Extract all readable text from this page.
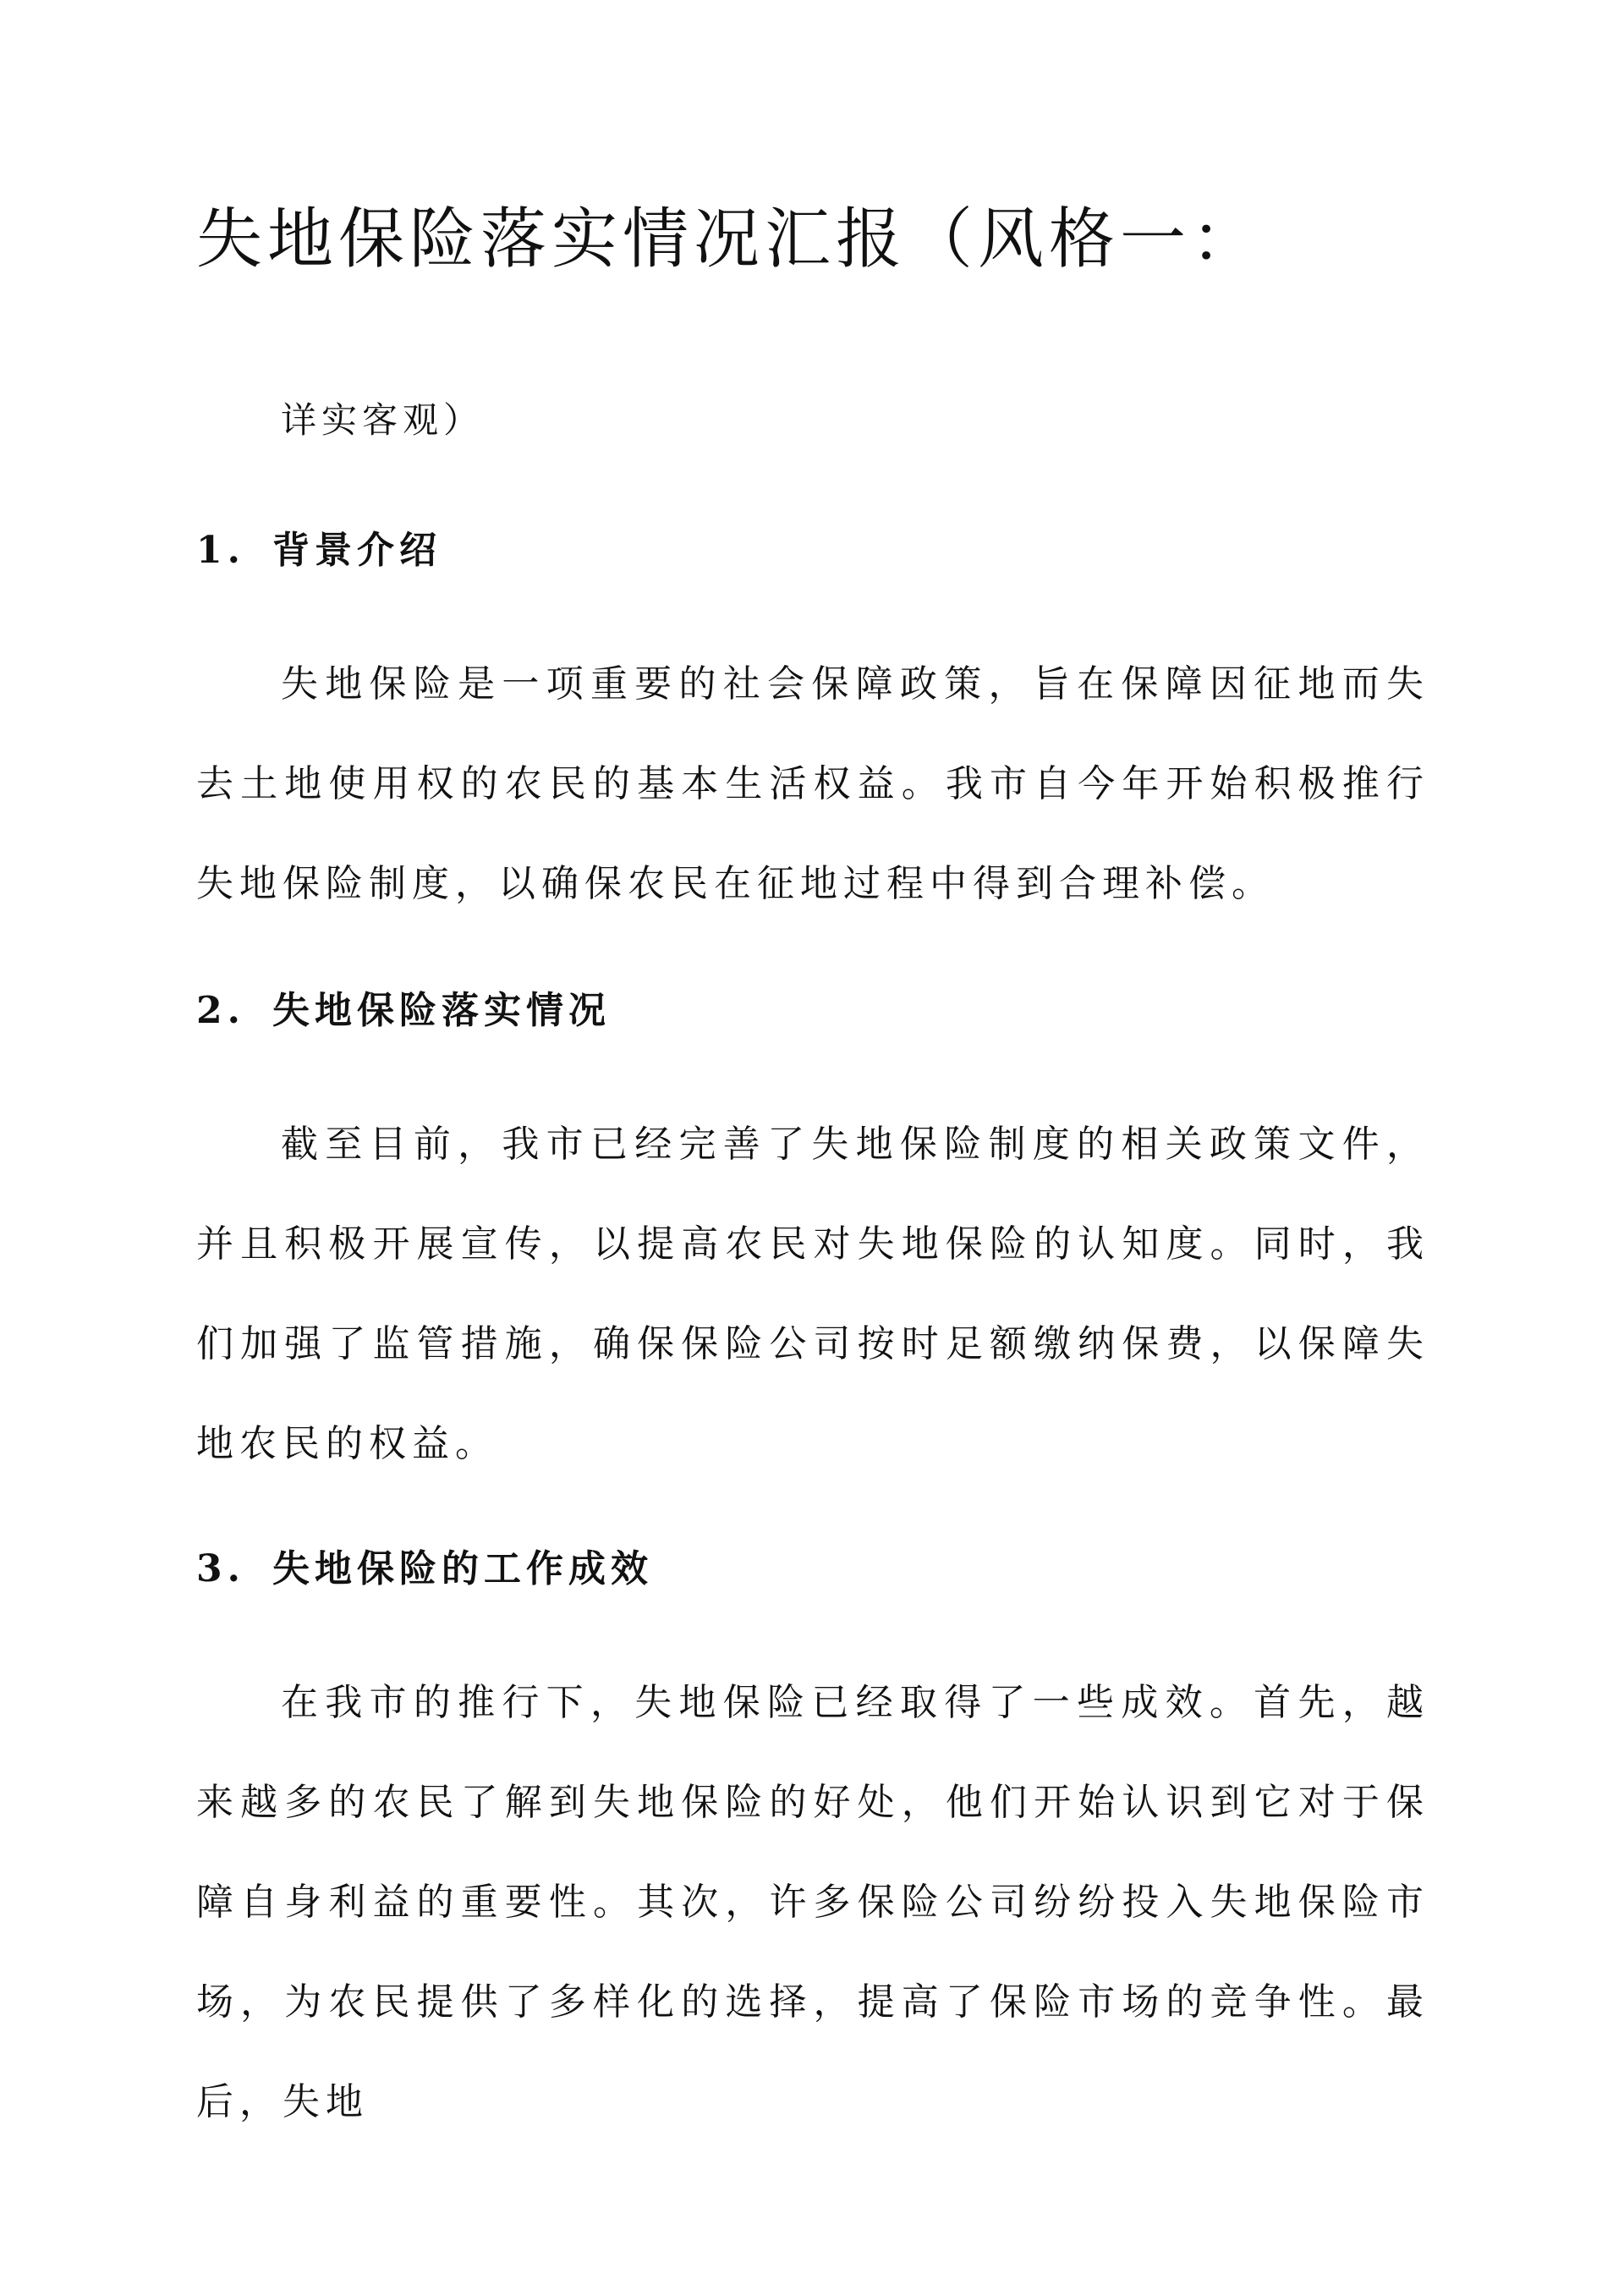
失地保险落实情况汇报（风格一：

详实客观）

1. 背景介绍

失地保险是一项重要的社会保障政策，旨在保障因征地而失去土地使用权的农民的基本生活权益。我市自今年开始积极推行失地保险制度，以确保农民在征地过程中得到合理补偿。

2. 失地保险落实情况

截至目前，我市已经完善了失地保险制度的相关政策文件，并且积极开展宣传，以提高农民对失地保险的认知度。同时，我们加强了监管措施，确保保险公司按时足额缴纳保费，以保障失地农民的权益。

3. 失地保险的工作成效

在我市的推行下，失地保险已经取得了一些成效。首先，越来越多的农民了解到失地保险的好处，他们开始认识到它对于保障自身利益的重要性。其次，许多保险公司纷纷投入失地保险市场，为农民提供了多样化的选择，提高了保险市场的竞争性。最后，失地
